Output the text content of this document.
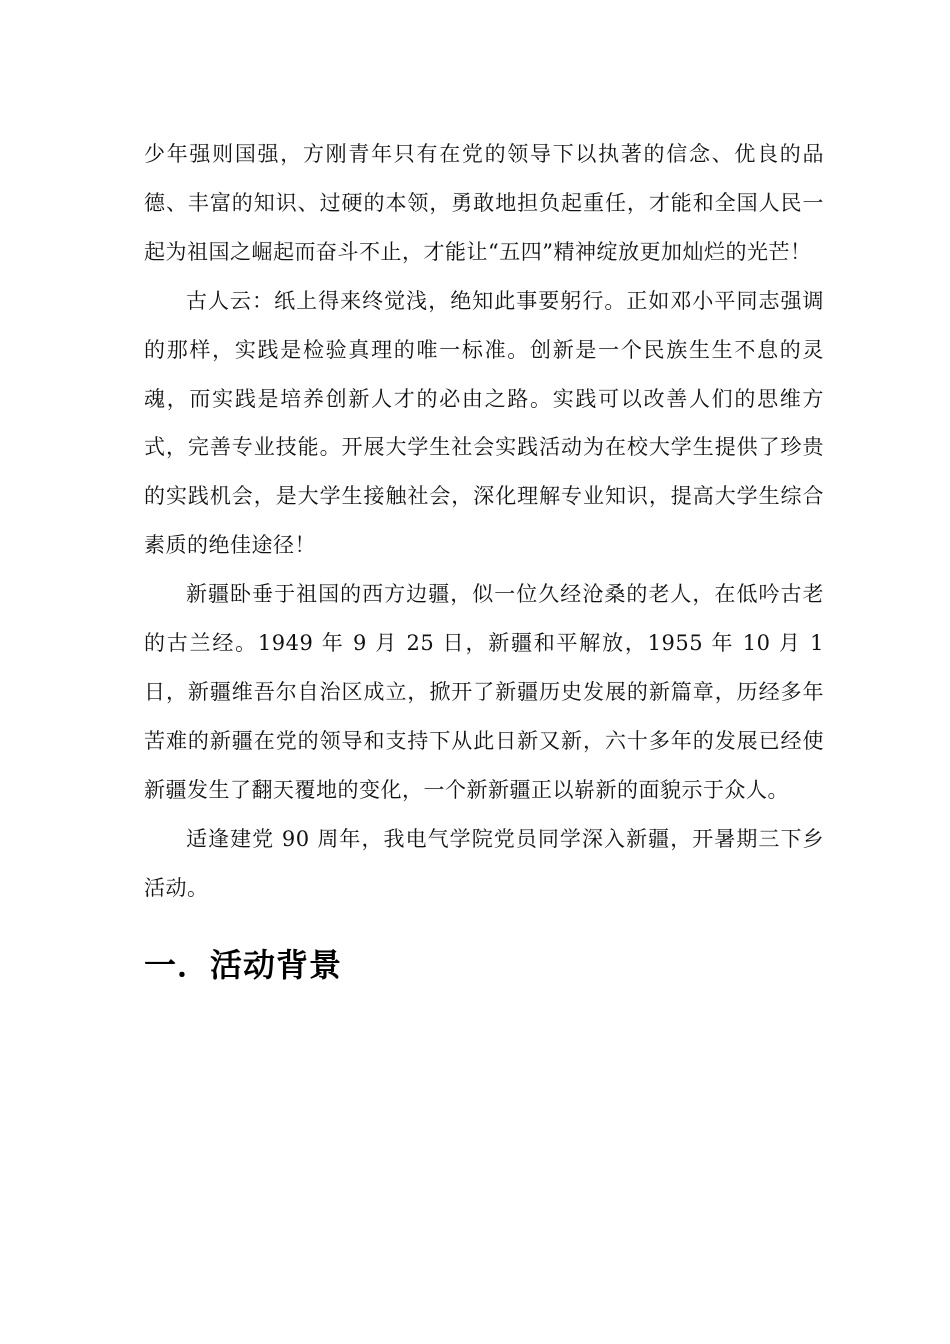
少年强则国强，方刚青年只有在党的领导下以执著的信念、优良的品德、丰富的知识、过硬的本领，勇敢地担负起重任，才能和全国人民一起为祖国之崛起而奋斗不止，才能让“五四”精神绽放更加灿烂的光芒！

古人云：纸上得来终觉浅，绝知此事要躬行。正如邓小平同志强调的那样，实践是检验真理的唯一标准。创新是一个民族生生不息的灵魂，而实践是培养创新人才的必由之路。实践可以改善人们的思维方式，完善专业技能。开展大学生社会实践活动为在校大学生提供了珍贵的实践机会，是大学生接触社会，深化理解专业知识，提高大学生综合素质的绝佳途径！

新疆卧垂于祖国的西方边疆，似一位久经沧桑的老人，在低吟古老的古兰经。1949 年 9 月 25 日，新疆和平解放，1955 年 10 月 1 日，新疆维吾尔自治区成立，掀开了新疆历史发展的新篇章，历经多年苦难的新疆在党的领导和支持下从此日新又新，六十多年的发展已经使新疆发生了翻天覆地的变化，一个新新疆正以崭新的面貌示于众人。

适逢建党 90 周年，我电气学院党员同学深入新疆，开暑期三下乡活动。

一．活动背景
